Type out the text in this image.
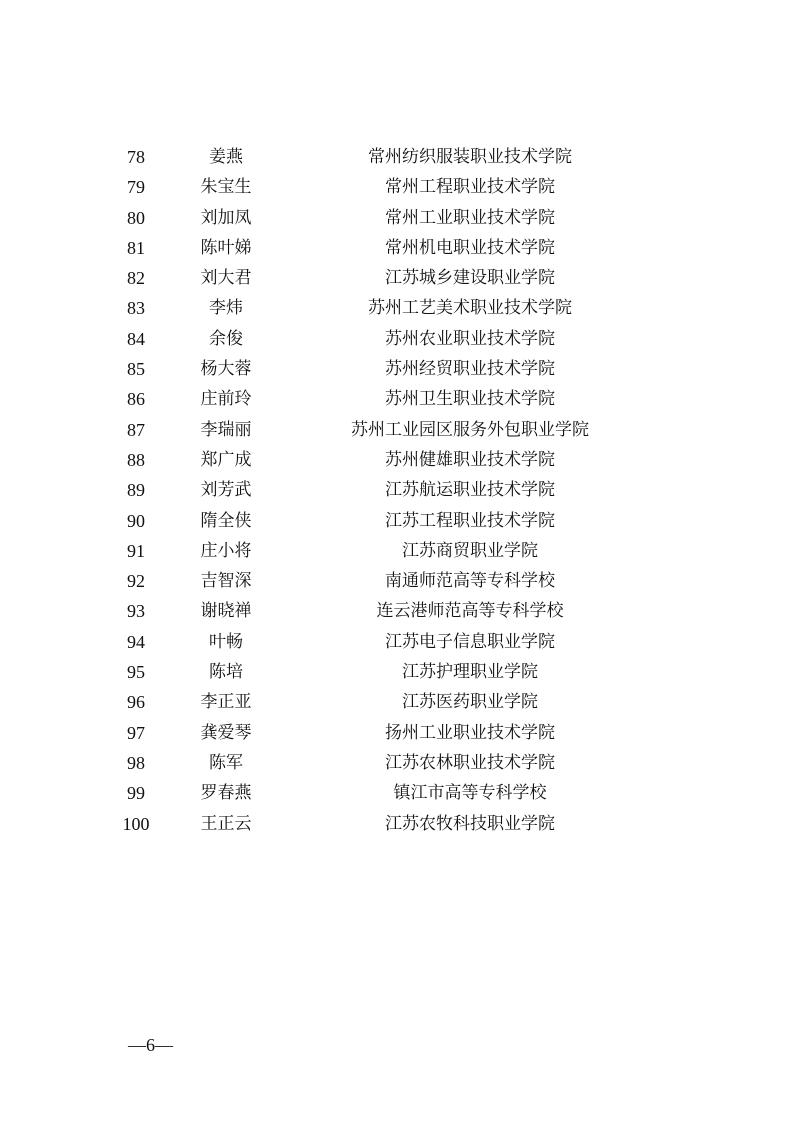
78	姜燕	常州纺织服装职业技术学院
79	朱宝生	常州工程职业技术学院
80	刘加凤	常州工业职业技术学院
81	陈叶娣	常州机电职业技术学院
82	刘大君	江苏城乡建设职业学院
83	李炜	苏州工艺美术职业技术学院
84	余俊	苏州农业职业技术学院
85	杨大蓉	苏州经贸职业技术学院
86	庄前玲	苏州卫生职业技术学院
87	李瑞丽	苏州工业园区服务外包职业学院
88	郑广成	苏州健雄职业技术学院
89	刘芳武	江苏航运职业技术学院
90	隋全侠	江苏工程职业技术学院
91	庄小将	江苏商贸职业学院
92	吉智深	南通师范高等专科学校
93	谢晓禅	连云港师范高等专科学校
94	叶畅	江苏电子信息职业学院
95	陈培	江苏护理职业学院
96	李正亚	江苏医药职业学院
97	龚爱琴	扬州工业职业技术学院
98	陈军	江苏农林职业技术学院
99	罗春燕	镇江市高等专科学校
100	王正云	江苏农牧科技职业学院
—6—
